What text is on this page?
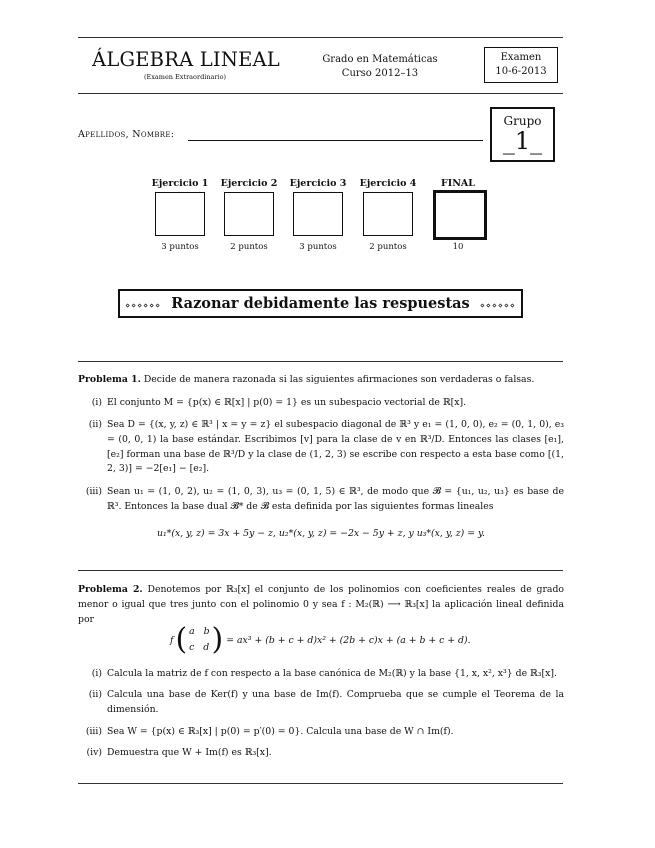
ÁLGEBRA LINEAL
(Examen Extraordinario)
Grado en Matemáticas
Curso 2012–13
Examen
10-6-2013
Grupo
_1_
Apellidos, Nombre:
Ejercicio 1	Ejercicio 2	Ejercicio 3	Ejercicio 4	FINAL
3 puntos	2 puntos	3 puntos	2 puntos	10
⋄⋄⋄⋄⋄⋄ Razonar debidamente las respuestas ⋄⋄⋄⋄⋄⋄
Problema 1. Decide de manera razonada si las siguientes afirmaciones son verdaderas o falsas.
(i) El conjunto M = {p(x) ∈ ℝ[x] | p(0) = 1} es un subespacio vectorial de ℝ[x].
(ii) Sea D = {(x, y, z) ∈ ℝ³ | x = y = z} el subespacio diagonal de ℝ³ y e₁ = (1, 0, 0), e₂ = (0, 1, 0), e₃ = (0, 0, 1) la base estándar. Escribimos [v] para la clase de v en ℝ³/D. Entonces las clases [e₁], [e₂] forman una base de ℝ³/D y la clase de (1, 2, 3) se escribe con respecto a esta base como [(1, 2, 3)] = −2[e₁] − [e₂].
(iii) Sean u₁ = (1, 0, 2), u₂ = (1, 0, 3), u₃ = (0, 1, 5) ∈ ℝ³, de modo que 𝓑 = {u₁, u₂, u₃} es base de ℝ³. Entonces la base dual 𝓑* de 𝓑 esta definida por las siguientes formas lineales
u₁*(x, y, z) = 3x + 5y − z, u₂*(x, y, z) = −2x − 5y + z, y u₃*(x, y, z) = y.
Problema 2. Denotemos por ℝ₃[x] el conjunto de los polinomios con coeficientes reales de grado menor o igual que tres junto con el polinomio 0 y sea f : M₂(ℝ) ⟶ ℝ₃[x] la aplicación lineal definida por
f ( a b
c d ) = ax³ + (b + c + d)x² + (2b + c)x + (a + b + c + d).
(i) Calcula la matriz de f con respecto a la base canónica de M₂(ℝ) y la base {1, x, x², x³} de ℝ₃[x].
(ii) Calcula una base de Ker(f) y una base de Im(f). Comprueba que se cumple el Teorema de la dimensión.
(iii) Sea W = {p(x) ∈ ℝ₃[x] | p(0) = p′(0) = 0}. Calcula una base de W ∩ Im(f).
(iv) Demuestra que W + Im(f) es ℝ₃[x].
